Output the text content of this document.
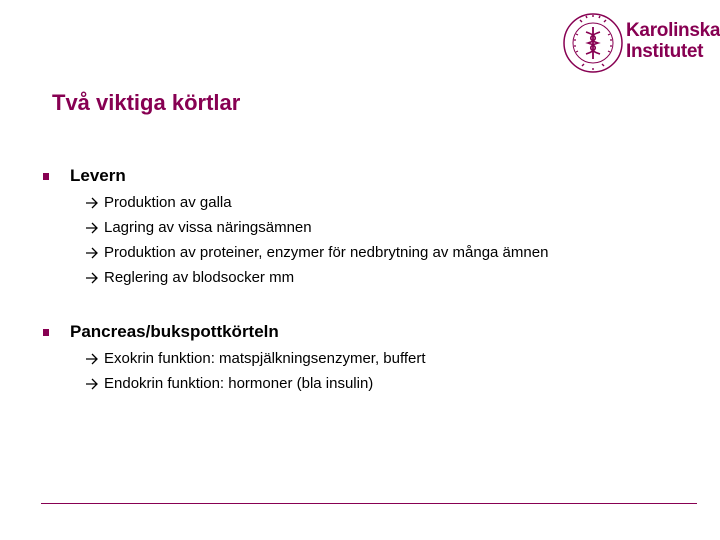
Karolinska
Institutet
Två viktiga körtlar
Levern
Produktion av galla
Lagring av vissa näringsämnen
Produktion av proteiner, enzymer för nedbrytning av många ämnen
Reglering av blodsocker mm
Pancreas/bukspottkörteln
Exokrin funktion: matspjälkningsenzymer, buffert
Endokrin funktion: hormoner (bla insulin)
